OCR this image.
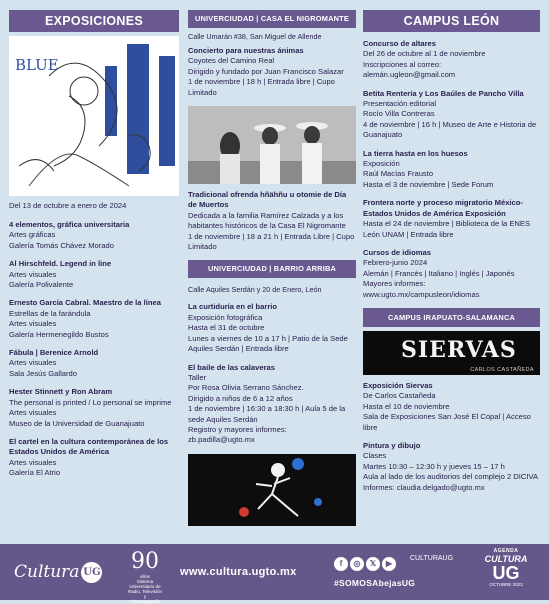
EXPOSICIONES
BLUE
Del 13 de octubre a enero de 2024
4 elementos, gráfica universitaria
Artes gráficas
Galería Tomás Chávez Morado
Al Hirschfeld. Legend in line
Artes visuales
Galería Polivalente
Ernesto García Cabral. Maestro de la línea
Estrellas de la farándula
Artes visuales
Galería Hermenegildo Bustos
Fábula | Berenice Arnold
Artes visuales
Sala Jesús Gallardo
Hester Stinnett y Ron Abram
The personal is printed / Lo personal se imprime
Artes visuales
Museo de la Universidad de Guanajuato
El cartel en la cultura contemporánea de los Estados Unidos de América
Artes visuales
Galería El Atrio
UNIVERCIUDAD | CASA EL NIGROMANTE
Calle Umarán #38, San Miguel de Allende
Concierto para nuestras ánimas
Coyotes del Camino Real
Dirigido y fundado por Juan Francisco Salazar
1 de noviembre | 18 h | Entrada libre | Cupo Limitado
Tradicional ofrenda hñähñu u otomie de Día de Muertos
Dedicada a la familia Ramírez Calzada y a los habitantes históricos de la Casa El Nigromante
1 de noviembre | 18 a 21 h | Entrada Libre | Cupo Limitado
UNIVERCIUDAD | BARRIO ARRIBA
Calle Aquiles Serdán y 20 de Enero, León
La curtiduría en el barrio
Exposición fotográfica
Hasta el 31 de octubre
Lunes a viernes de 10 a 17 h | Patio de la Sede Aquiles Serdán | Entrada libre
El baile de las calaveras
Taller
Por Rosa Olivia Serrano Sánchez.
Dirigido a niños de 6 a 12 años
1 de noviembre | 16:30 a 18:30 h | Aula 5 de la sede Aquiles Serdán
Registro y mayores informes:
zb.padilla@ugto.mx
CAMPUS LEÓN
Concurso de altares
Del 26 de octubre al 1 de noviembre
Inscripciones al correo:
alemán.ugleon@gmail.com
Betita Rentería y Los Baúles de Pancho Villa
Presentación editorial
Rocío Villa Contreras
4 de noviembre | 16 h | Museo de Arte e Historia de Guanajuato
La tierra hasta en los huesos
Exposición
Raúl Macías Frausto
Hasta el 3 de noviembre | Sede Forum
Frontera norte y proceso migratorio México- Estados Unidos de América Exposición
Hasta el 24 de noviembre | Biblioteca de la ENES León UNAM | Entrada libre
Cursos de idiomas
Febrero-junio 2024
Alemán | Francés | Italiano | Inglés | Japonés
Mayores informes:
www.ugto.mx/campusleon/idiomas
CAMPUS IRAPUATO-SALAMANCA
SIERVAS
CARLOS CASTAÑEDA
Exposición Siervas
De Carlos Castañeda
Hasta el 10 de noviembre
Sala de Exposiciones San José El Copal | Acceso libre
Pintura y dibujo
Clases
Martes 10:30 – 12:30 h y jueves 15 – 17 h
Aula al lado de los auditorios del complejo 2 DICIVA
Informes: claudia.delgado@ugto.mx
Cultura UG 90
años
Sistema Universitario de Radio, Televisión y Cinematografía
www.cultura.ugto.mx
f ◎ 𝕏 ▶
CULTURAUG
#SOMOSAbejasUG
AGENDA
CULTURA
UG
OCTUBRE 2023
